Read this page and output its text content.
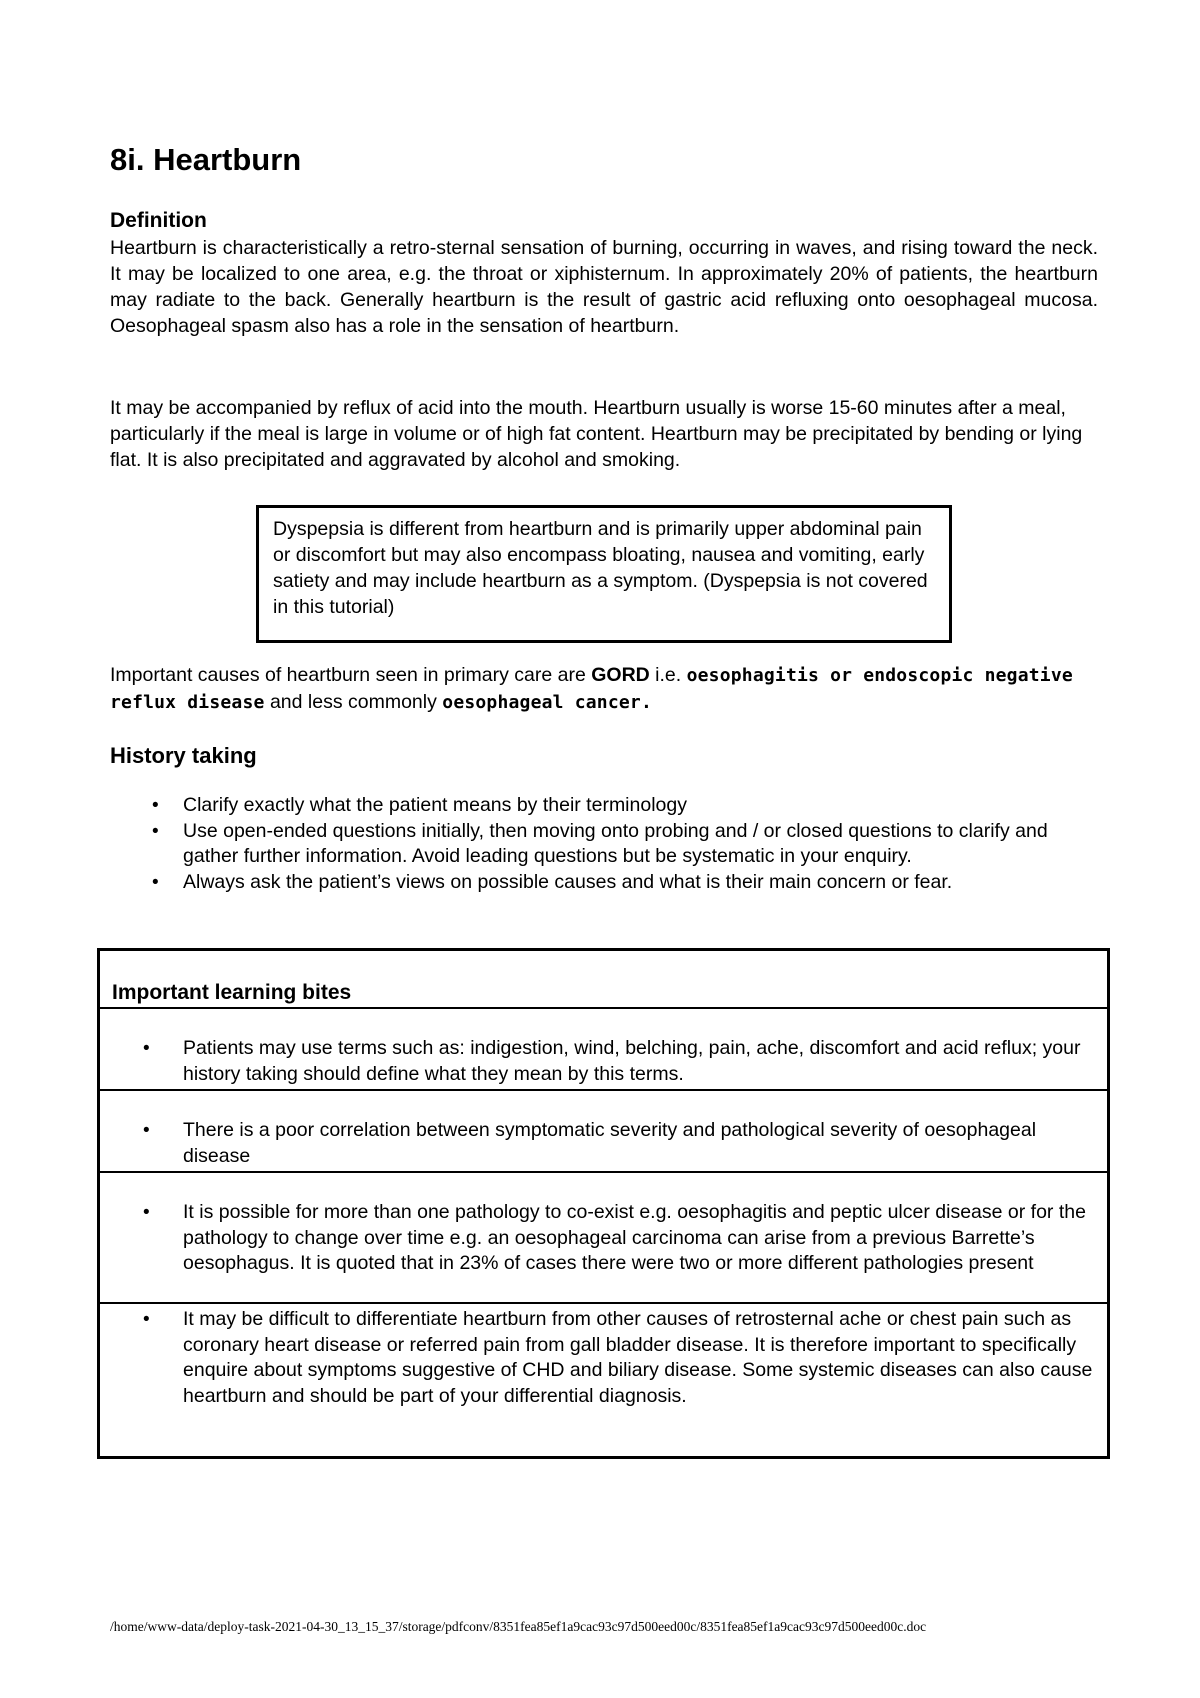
8i. Heartburn
Definition

Heartburn is characteristically a retro-sternal sensation of burning, occurring in waves, and rising toward the neck. It may be localized to one area, e.g. the throat or xiphisternum. In approximately 20% of patients, the heartburn may radiate to the back. Generally heartburn is the result of gastric acid refluxing onto oesophageal mucosa. Oesophageal spasm also has a role in the sensation of heartburn.

It may be accompanied by reflux of acid into the mouth. Heartburn usually is worse 15-60 minutes after a meal, particularly if the meal is large in volume or of high fat content. Heartburn may be precipitated by bending or lying flat. It is also precipitated and aggravated by alcohol and smoking.

Dyspepsia is different from heartburn and is primarily upper abdominal pain or discomfort but may also encompass bloating, nausea and vomiting, early satiety and may include heartburn as a symptom. (Dyspepsia is not covered in this tutorial)

Important causes of heartburn seen in primary care are GORD i.e. oesophagitis or endoscopic negative reflux disease and less commonly oesophageal cancer.

History taking
• Clarify exactly what the patient means by their terminology
• Use open-ended questions initially, then moving onto probing and / or closed questions to clarify and gather further information. Avoid leading questions but be systematic in your enquiry.
• Always ask the patient’s views on possible causes and what is their main concern or fear.
Important learning bites
• Patients may use terms such as: indigestion, wind, belching, pain, ache, discomfort and acid reflux; your history taking should define what they mean by this terms.
• There is a poor correlation between symptomatic severity and pathological severity of oesophageal disease
• It is possible for more than one pathology to co-exist e.g. oesophagitis and peptic ulcer disease or for the pathology to change over time e.g. an oesophageal carcinoma can arise from a previous Barrette’s oesophagus. It is quoted that in 23% of cases there were two or more different pathologies present
• It may be difficult to differentiate heartburn from other causes of retrosternal ache or chest pain such as coronary heart disease or referred pain from gall bladder disease. It is therefore important to specifically enquire about symptoms suggestive of CHD and biliary disease. Some systemic diseases can also cause heartburn and should be part of your differential diagnosis.
/home/www-data/deploy-task-2021-04-30_13_15_37/storage/pdfconv/8351fea85ef1a9cac93c97d500eed00c/8351fea85ef1a9cac93c97d500eed00c.doc
